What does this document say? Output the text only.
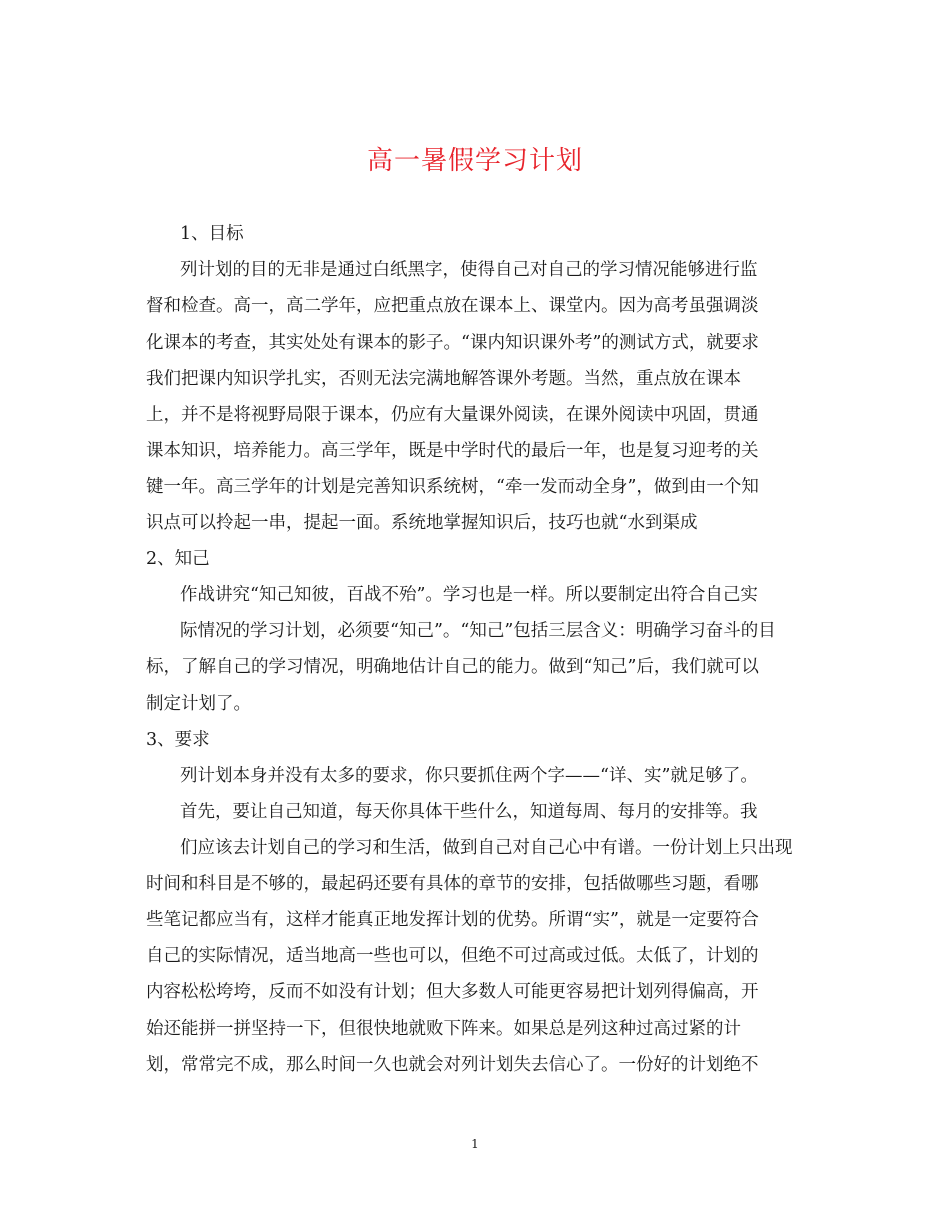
高一暑假学习计划
1、目标
列计划的目的无非是通过白纸黑字，使得自己对自己的学习情况能够进行监
督和检查。高一，高二学年，应把重点放在课本上、课堂内。因为高考虽强调淡
化课本的考查，其实处处有课本的影子。“课内知识课外考”的测试方式，就要求
我们把课内知识学扎实，否则无法完满地解答课外考题。当然，重点放在课本
上，并不是将视野局限于课本，仍应有大量课外阅读，在课外阅读中巩固，贯通
课本知识，培养能力。高三学年，既是中学时代的最后一年，也是复习迎考的关
键一年。高三学年的计划是完善知识系统树，“牵一发而动全身”，做到由一个知
识点可以拎起一串，提起一面。系统地掌握知识后，技巧也就“水到渠成
2、知己
作战讲究“知己知彼，百战不殆”。学习也是一样。所以要制定出符合自己实
际情况的学习计划，必须要“知己”。“知己”包括三层含义：明确学习奋斗的目
标，了解自己的学习情况，明确地估计自己的能力。做到“知己”后，我们就可以
制定计划了。
3、要求
列计划本身并没有太多的要求，你只要抓住两个字——“详、实”就足够了。
首先，要让自己知道，每天你具体干些什么，知道每周、每月的安排等。我
们应该去计划自己的学习和生活，做到自己对自己心中有谱。一份计划上只出现
时间和科目是不够的，最起码还要有具体的章节的安排，包括做哪些习题，看哪
些笔记都应当有，这样才能真正地发挥计划的优势。所谓“实”，就是一定要符合
自己的实际情况，适当地高一些也可以，但绝不可过高或过低。太低了，计划的
内容松松垮垮，反而不如没有计划；但大多数人可能更容易把计划列得偏高，开
始还能拼一拼坚持一下，但很快地就败下阵来。如果总是列这种过高过紧的计
划，常常完不成，那么时间一久也就会对列计划失去信心了。一份好的计划绝不
1
